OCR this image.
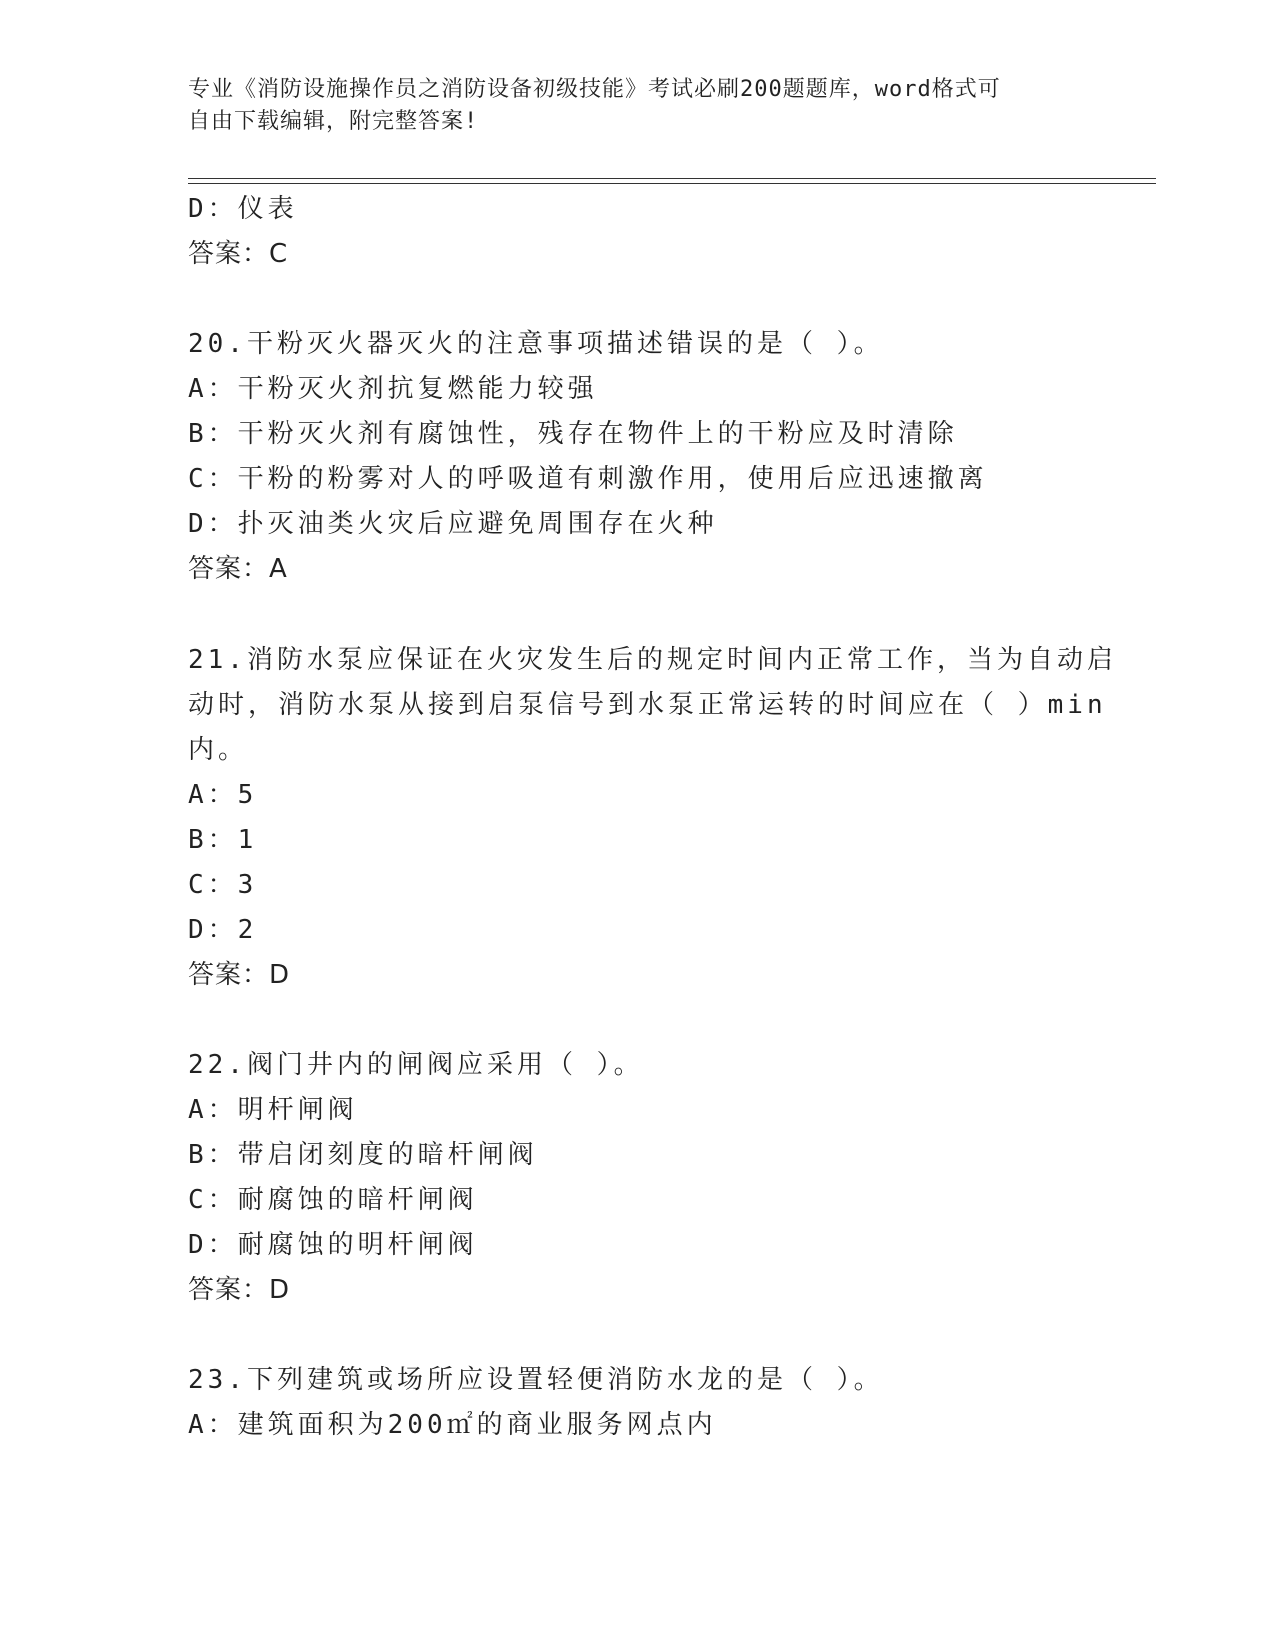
专业《消防设施操作员之消防设备初级技能》考试必刷200题题库，word格式可
自由下载编辑，附完整答案!
D：仪表
答案：C
20.干粉灭火器灭火的注意事项描述错误的是（ ）。
A：干粉灭火剂抗复燃能力较强
B：干粉灭火剂有腐蚀性，残存在物件上的干粉应及时清除
C：干粉的粉雾对人的呼吸道有刺激作用，使用后应迅速撤离
D：扑灭油类火灾后应避免周围存在火种
答案：A
21.消防水泵应保证在火灾发生后的规定时间内正常工作，当为自动启
动时，消防水泵从接到启泵信号到水泵正常运转的时间应在（ ）min
内。
A：5
B：1
C：3
D：2
答案：D
22.阀门井内的闸阀应采用（ ）。
A：明杆闸阀
B：带启闭刻度的暗杆闸阀
C：耐腐蚀的暗杆闸阀
D：耐腐蚀的明杆闸阀
答案：D
23.下列建筑或场所应设置轻便消防水龙的是（ ）。
A：建筑面积为200㎡的商业服务网点内
